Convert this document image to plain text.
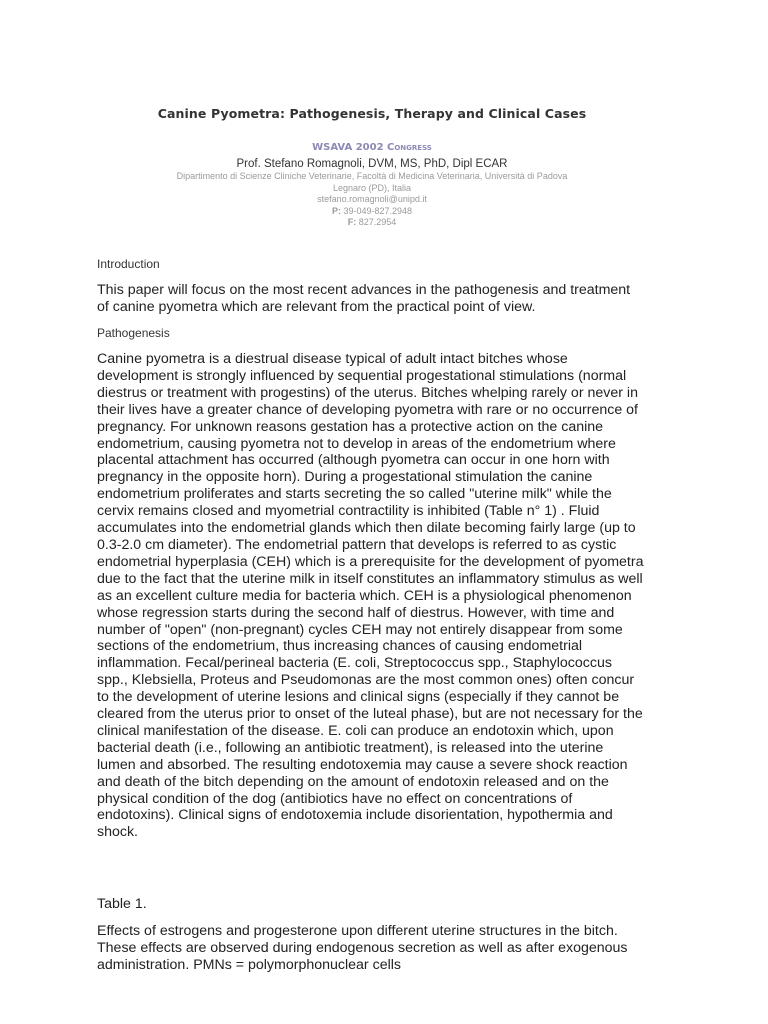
Canine Pyometra: Pathogenesis, Therapy and Clinical Cases
WSAVA 2002 Congress
Prof. Stefano Romagnoli, DVM, MS, PhD, Dipl ECAR
Dipartimento di Scienze Cliniche Veterinarie, Facoltà di Medicina Veterinaria, Università di Padova
Legnaro (PD), Italia
stefano.romagnoli@unipd.it
P: 39-049-827.2948
F: 827.2954
Introduction
This paper will focus on the most recent advances in the pathogenesis and treatment of canine pyometra which are relevant from the practical point of view.
Pathogenesis
Canine pyometra is a diestrual disease typical of adult intact bitches whose development is strongly influenced by sequential progestational stimulations (normal diestrus or treatment with progestins) of the uterus. Bitches whelping rarely or never in their lives have a greater chance of developing pyometra with rare or no occurrence of pregnancy. For unknown reasons gestation has a protective action on the canine endometrium, causing pyometra not to develop in areas of the endometrium where placental attachment has occurred (although pyometra can occur in one horn with pregnancy in the opposite horn). During a progestational stimulation the canine endometrium proliferates and starts secreting the so called "uterine milk" while the cervix remains closed and myometrial contractility is inhibited (Table n° 1) . Fluid accumulates into the endometrial glands which then dilate becoming fairly large (up to 0.3-2.0 cm diameter). The endometrial pattern that develops is referred to as cystic endometrial hyperplasia (CEH) which is a prerequisite for the development of pyometra due to the fact that the uterine milk in itself constitutes an inflammatory stimulus as well as an excellent culture media for bacteria which. CEH is a physiological phenomenon whose regression starts during the second half of diestrus. However, with time and number of "open" (non-pregnant) cycles CEH may not entirely disappear from some sections of the endometrium, thus increasing chances of causing endometrial inflammation. Fecal/perineal bacteria (E. coli, Streptococcus spp., Staphylococcus spp., Klebsiella, Proteus and Pseudomonas are the most common ones) often concur to the development of uterine lesions and clinical signs (especially if they cannot be cleared from the uterus prior to onset of the luteal phase), but are not necessary for the clinical manifestation of the disease. E. coli can produce an endotoxin which, upon bacterial death (i.e., following an antibiotic treatment), is released into the uterine lumen and absorbed. The resulting endotoxemia may cause a severe shock reaction and death of the bitch depending on the amount of endotoxin released and on the physical condition of the dog (antibiotics have no effect on concentrations of endotoxins). Clinical signs of endotoxemia include disorientation, hypothermia and shock.
Table 1.
Effects of estrogens and progesterone upon different uterine structures in the bitch. These effects are observed during endogenous secretion as well as after exogenous administration. PMNs = polymorphonuclear cells
